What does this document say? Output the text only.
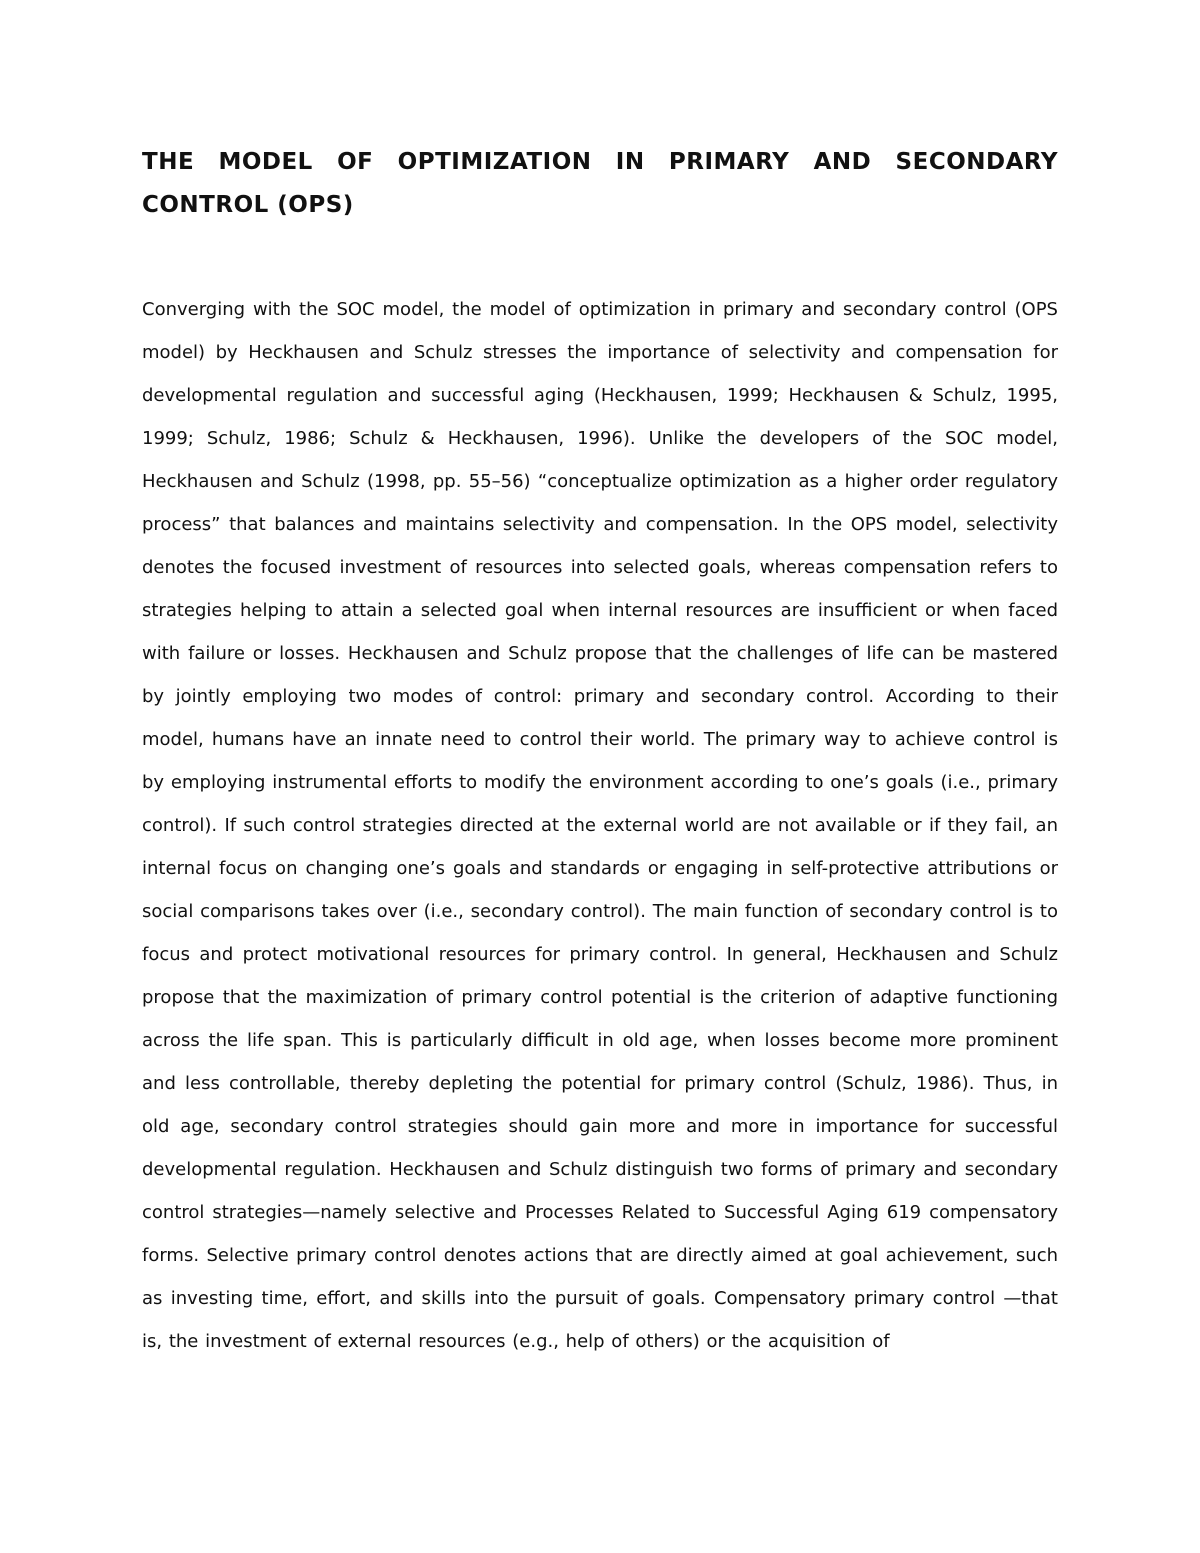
THE MODEL OF OPTIMIZATION IN PRIMARY AND SECONDARY CONTROL (OPS)

Converging with the SOC model, the model of optimization in primary and secondary control (OPS model) by Heckhausen and Schulz stresses the importance of selectivity and compensation for developmental regulation and successful aging (Heckhausen, 1999; Heckhausen & Schulz, 1995, 1999; Schulz, 1986; Schulz & Heckhausen, 1996). Unlike the developers of the SOC model, Heckhausen and Schulz (1998, pp. 55–56) “conceptualize optimization as a higher order regulatory process” that balances and maintains selectivity and compensation. In the OPS model, selectivity denotes the focused investment of resources into selected goals, whereas compensation refers to strategies helping to attain a selected goal when internal resources are insufficient or when faced with failure or losses. Heckhausen and Schulz propose that the challenges of life can be mastered by jointly employing two modes of control: primary and secondary control. According to their model, humans have an innate need to control their world. The primary way to achieve control is by employing instrumental efforts to modify the environment according to one’s goals (i.e., primary control). If such control strategies directed at the external world are not available or if they fail, an internal focus on changing one’s goals and standards or engaging in self-protective attributions or social comparisons takes over (i.e., secondary control). The main function of secondary control is to focus and protect motivational resources for primary control. In general, Heckhausen and Schulz propose that the maximization of primary control potential is the criterion of adaptive functioning across the life span. This is particularly difficult in old age, when losses become more prominent and less controllable, thereby depleting the potential for primary control (Schulz, 1986). Thus, in old age, secondary control strategies should gain more and more in importance for successful developmental regulation. Heckhausen and Schulz distinguish two forms of primary and secondary control strategies—namely selective and Processes Related to Successful Aging 619 compensatory forms. Selective primary control denotes actions that are directly aimed at goal achievement, such as investing time, effort, and skills into the pursuit of goals. Compensatory primary control —that is, the investment of external resources (e.g., help of others) or the acquisition of
